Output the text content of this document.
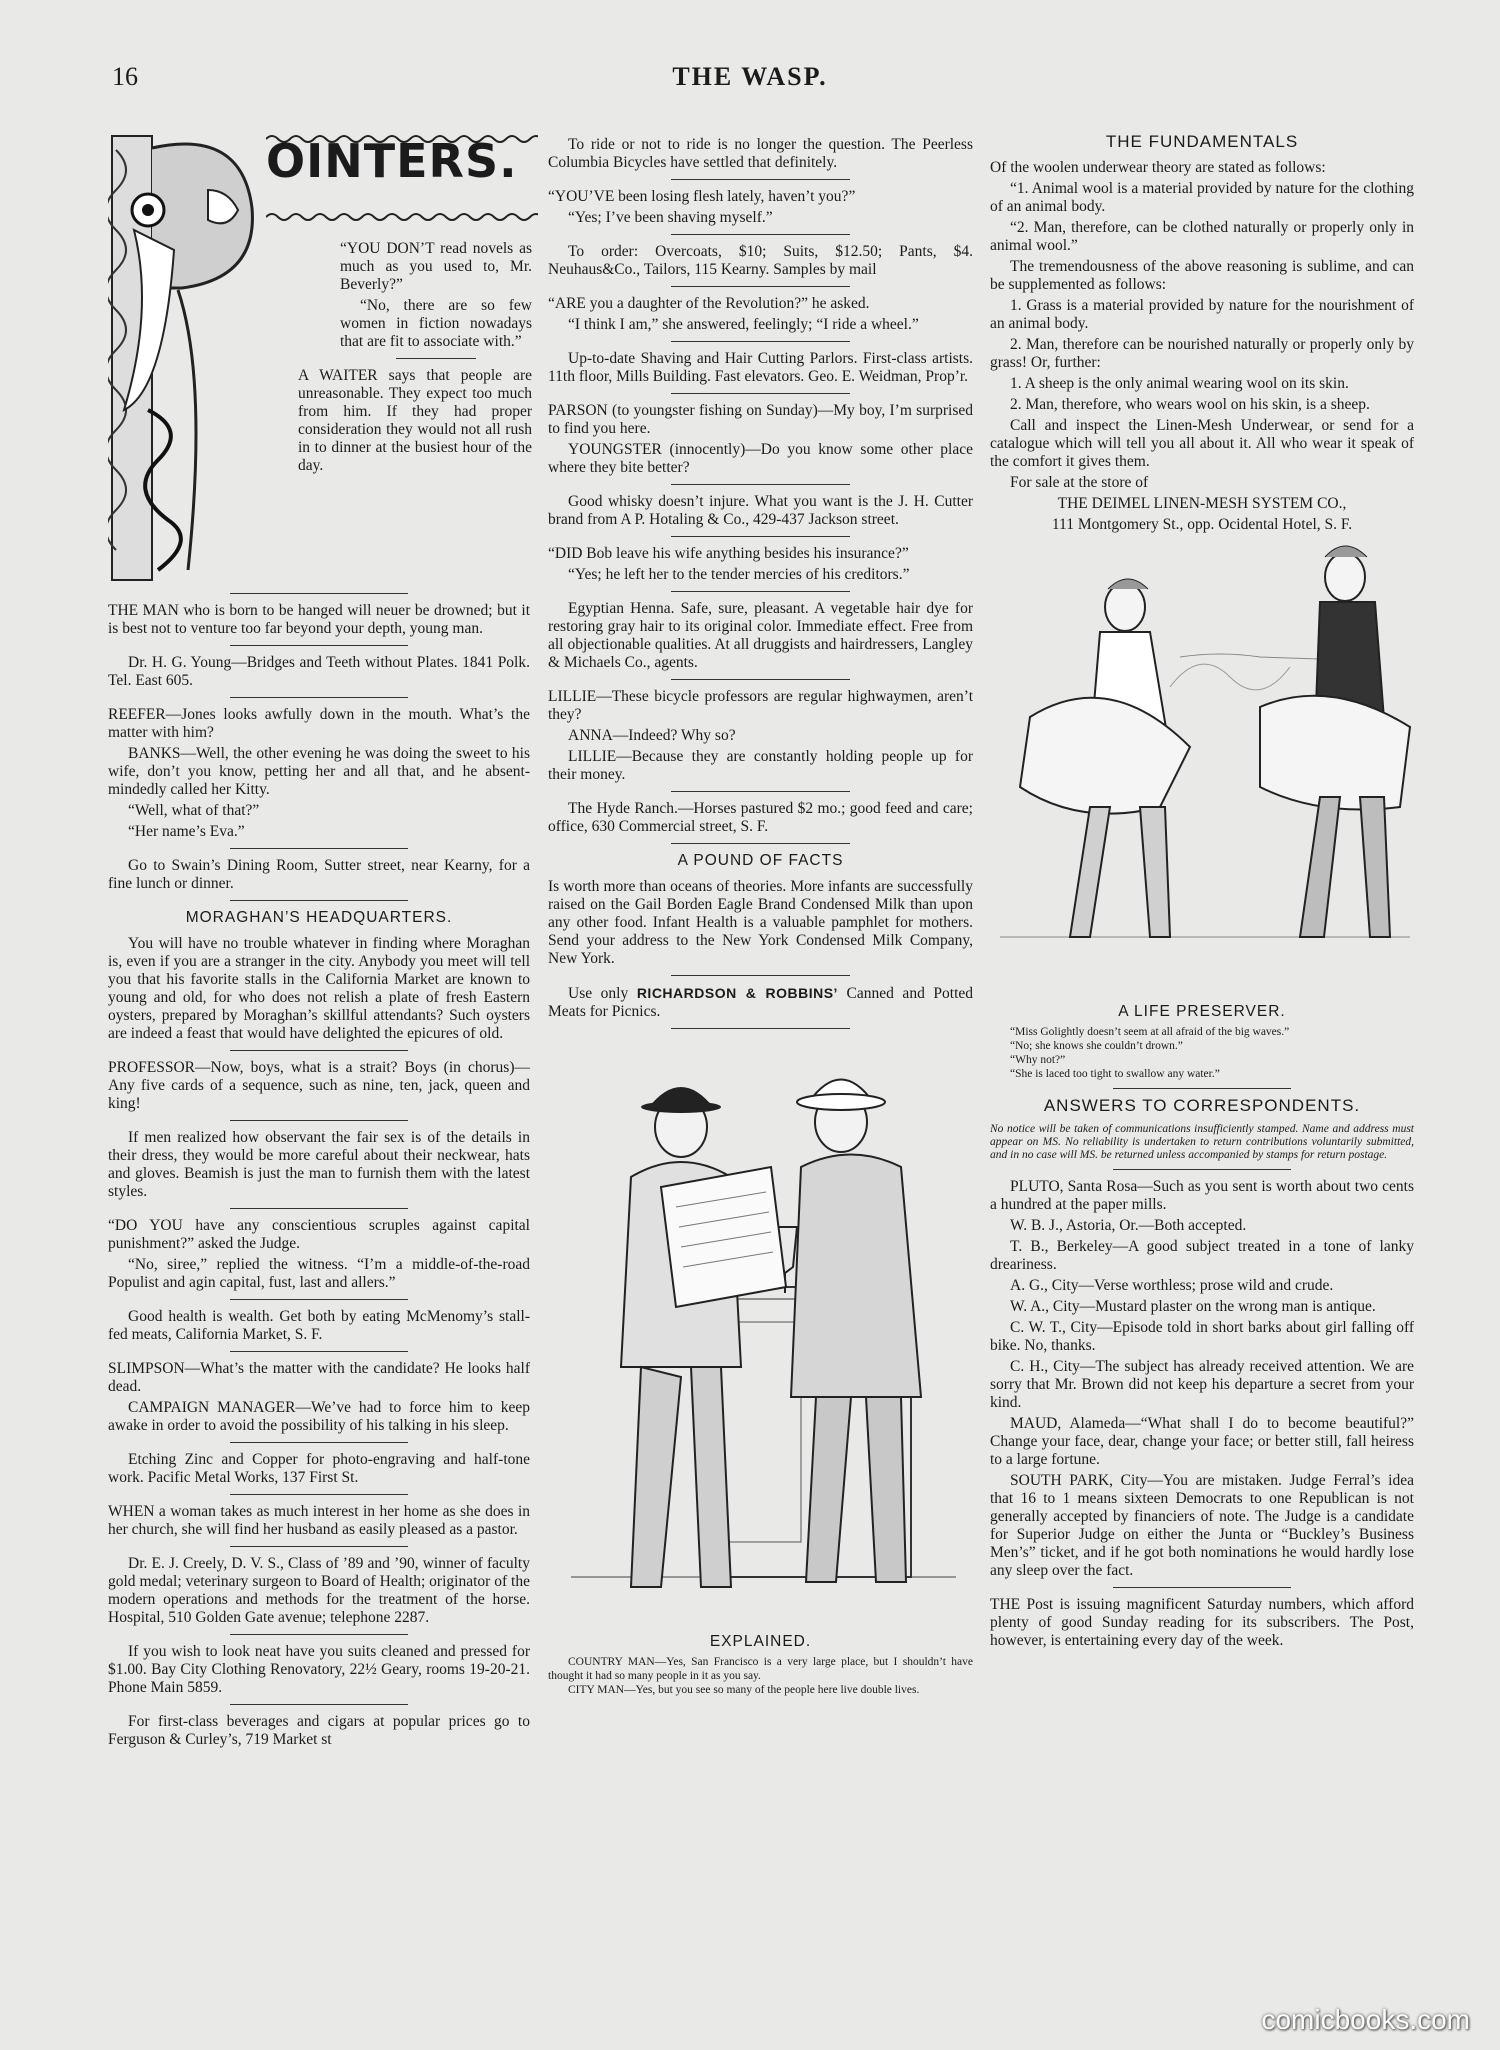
16	THE WASP.
OINTERS.

“YOU DON’T read novels as much as you used to, Mr. Beverly?”

“No, there are so few women in fiction nowadays that are fit to associate with.”

A WAITER says that people are unreasonable. They expect too much from him. If they had proper consideration they would not all rush in to dinner at the busiest hour of the day.

THE MAN who is born to be hanged will neuer be drowned; but it is best not to venture too far beyond your depth, young man.

Dr. H. G. Young—Bridges and Teeth without Plates. 1841 Polk. Tel. East 605.

REEFER—Jones looks awfully down in the mouth. What’s the matter with him?

BANKS—Well, the other evening he was doing the sweet to his wife, don’t you know, petting her and all that, and he absent-mindedly called her Kitty.

“Well, what of that?”

“Her name’s Eva.”

Go to Swain’s Dining Room, Sutter street, near Kearny, for a fine lunch or dinner.

MORAGHAN’S HEADQUARTERS.

You will have no trouble whatever in finding where Moraghan is, even if you are a stranger in the city. Anybody you meet will tell you that his favorite stalls in the California Market are known to young and old, for who does not relish a plate of fresh Eastern oysters, prepared by Moraghan’s skillful attendants? Such oysters are indeed a feast that would have delighted the epicures of old.

PROFESSOR—Now, boys, what is a strait? Boys (in chorus)—Any five cards of a sequence, such as nine, ten, jack, queen and king!

If men realized how observant the fair sex is of the details in their dress, they would be more careful about their neckwear, hats and gloves. Beamish is just the man to furnish them with the latest styles.

“DO YOU have any conscientious scruples against capital punishment?” asked the Judge.

“No, siree,” replied the witness. “I’m a middle-of-the-road Populist and agin capital, fust, last and allers.”

Good health is wealth. Get both by eating McMenomy’s stall-fed meats, California Market, S. F.

SLIMPSON—What’s the matter with the candidate? He looks half dead.

CAMPAIGN MANAGER—We’ve had to force him to keep awake in order to avoid the possibility of his talking in his sleep.

Etching Zinc and Copper for photo-engraving and half-tone work. Pacific Metal Works, 137 First St.

WHEN a woman takes as much interest in her home as she does in her church, she will find her husband as easily pleased as a pastor.

Dr. E. J. Creely, D. V. S., Class of ’89 and ’90, winner of faculty gold medal; veterinary surgeon to Board of Health; originator of the modern operations and methods for the treatment of the horse. Hospital, 510 Golden Gate avenue; telephone 2287.

If you wish to look neat have you suits cleaned and pressed for $1.00. Bay City Clothing Renovatory, 22½ Geary, rooms 19-20-21. Phone Main 5859.

For first-class beverages and cigars at popular prices go to Ferguson & Curley’s, 719 Market st

To ride or not to ride is no longer the question. The Peerless Columbia Bicycles have settled that definitely.

“YOU’VE been losing flesh lately, haven’t you?”

“Yes; I’ve been shaving myself.”

To order: Overcoats, $10; Suits, $12.50; Pants, $4. Neuhaus&Co., Tailors, 115 Kearny. Samples by mail

“ARE you a daughter of the Revolution?” he asked.

“I think I am,” she answered, feelingly; “I ride a wheel.”

Up-to-date Shaving and Hair Cutting Parlors. First-class artists. 11th floor, Mills Building. Fast elevators. Geo. E. Weidman, Prop’r.

PARSON (to youngster fishing on Sunday)—My boy, I’m surprised to find you here.

YOUNGSTER (innocently)—Do you know some other place where they bite better?

Good whisky doesn’t injure. What you want is the J. H. Cutter brand from A P. Hotaling & Co., 429-437 Jackson street.

“DID Bob leave his wife anything besides his insurance?”

“Yes; he left her to the tender mercies of his creditors.”

Egyptian Henna. Safe, sure, pleasant. A vegetable hair dye for restoring gray hair to its original color. Immediate effect. Free from all objectionable qualities. At all druggists and hairdressers, Langley & Michaels Co., agents.

LILLIE—These bicycle professors are regular highwaymen, aren’t they?

ANNA—Indeed? Why so?

LILLIE—Because they are constantly holding people up for their money.

The Hyde Ranch.—Horses pastured $2 mo.; good feed and care; office, 630 Commercial street, S. F.

A POUND OF FACTS

Is worth more than oceans of theories. More infants are successfully raised on the Gail Borden Eagle Brand Condensed Milk than upon any other food. Infant Health is a valuable pamphlet for mothers. Send your address to the New York Condensed Milk Company, New York.

Use only RICHARDSON & ROBBINS’ Canned and Potted Meats for Picnics.

EXPLAINED.

COUNTRY MAN—Yes, San Francisco is a very large place, but I shouldn’t have thought it had so many people in it as you say.

CITY MAN—Yes, but you see so many of the people here live double lives.

THE FUNDAMENTALS

Of the woolen underwear theory are stated as follows:

“1. Animal wool is a material provided by nature for the clothing of an animal body.

“2. Man, therefore, can be clothed naturally or properly only in animal wool.”

The tremendousness of the above reasoning is sublime, and can be supplemented as follows:

1. Grass is a material provided by nature for the nourishment of an animal body.

2. Man, therefore can be nourished naturally or properly only by grass! Or, further:

1. A sheep is the only animal wearing wool on its skin.

2. Man, therefore, who wears wool on his skin, is a sheep.

Call and inspect the Linen-Mesh Underwear, or send for a catalogue which will tell you all about it. All who wear it speak of the comfort it gives them.

For sale at the store of

THE DEIMEL LINEN-MESH SYSTEM CO.,

111 Montgomery St., opp. Ocidental Hotel, S. F.

A LIFE PRESERVER.

“Miss Golightly doesn’t seem at all afraid of the big waves.”

“No; she knows she couldn’t drown.”

“Why not?”

“She is laced too tight to swallow any water.”

ANSWERS TO CORRESPONDENTS.

No notice will be taken of communications insufficiently stamped. Name and address must appear on MS. No reliability is undertaken to return contributions voluntarily submitted, and in no case will MS. be returned unless accompanied by stamps for return postage.

PLUTO, Santa Rosa—Such as you sent is worth about two cents a hundred at the paper mills.

W. B. J., Astoria, Or.—Both accepted.

T. B., Berkeley—A good subject treated in a tone of lanky dreariness.

A. G., City—Verse worthless; prose wild and crude.

W. A., City—Mustard plaster on the wrong man is antique.

C. W. T., City—Episode told in short barks about girl falling off bike. No, thanks.

C. H., City—The subject has already received attention. We are sorry that Mr. Brown did not keep his departure a secret from your kind.

MAUD, Alameda—“What shall I do to become beautiful?” Change your face, dear, change your face; or better still, fall heiress to a large fortune.

SOUTH PARK, City—You are mistaken. Judge Ferral’s idea that 16 to 1 means sixteen Democrats to one Republican is not generally accepted by financiers of note. The Judge is a candidate for Superior Judge on either the Junta or “Buckley’s Business Men’s” ticket, and if he got both nominations he would hardly lose any sleep over the fact.

THE Post is issuing magnificent Saturday numbers, which afford plenty of good Sunday reading for its subscribers. The Post, however, is entertaining every day of the week.

comicbooks.com
